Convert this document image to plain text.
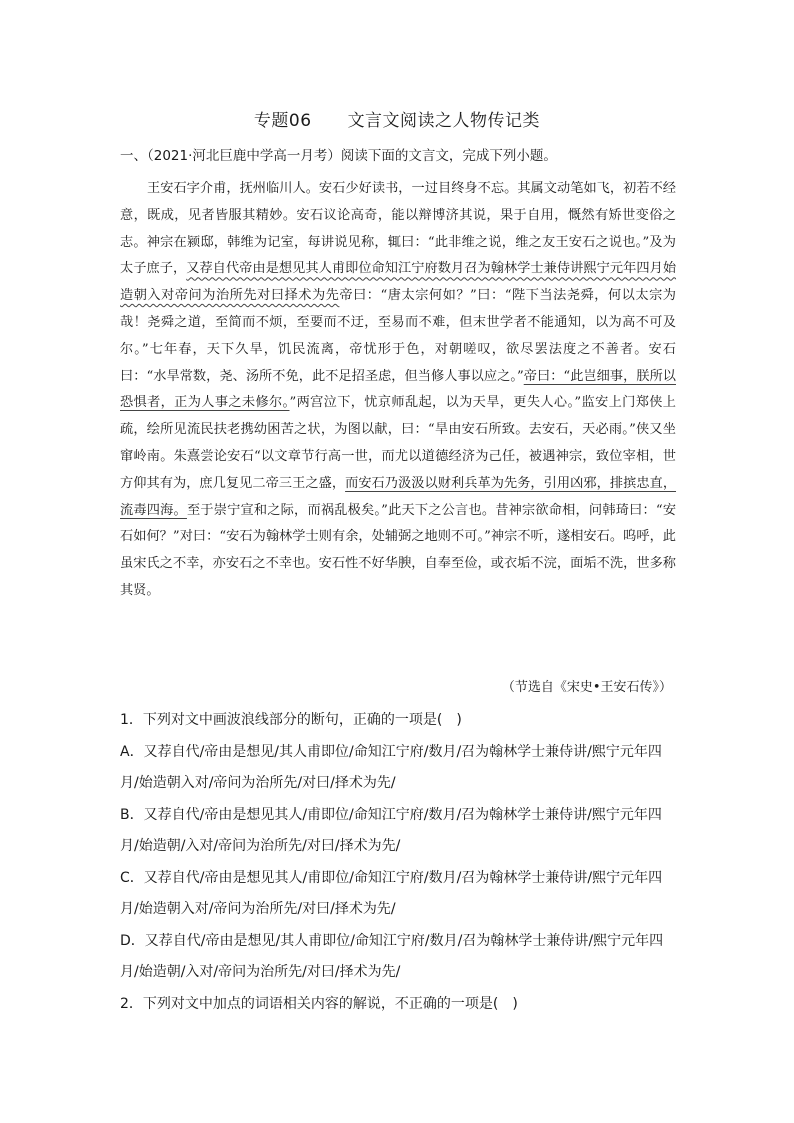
专题06 文言文阅读之人物传记类
一、（2021·河北巨鹿中学高一月考）阅读下面的文言文，完成下列小题。
王安石字介甫，抚州临川人。安石少好读书，一过目终身不忘。其属文动笔如飞，初若不经意，既成，见者皆服其精妙。安石议论高奇，能以辩博济其说，果于自用，慨然有矫世变俗之志。神宗在颍邸，韩维为记室，每讲说见称，辄曰：“此非维之说，维之友王安石之说也。”及为太子庶子，又荐自代帝由是想见其人甫即位命知江宁府数月召为翰林学士兼侍讲熙宁元年四月始造朝入对帝问为治所先对曰择术为先帝曰：“唐太宗何如？”曰：“陛下当法尧舜，何以太宗为哉！尧舜之道，至简而不烦，至要而不迂，至易而不难，但末世学者不能通知，以为高不可及尔。”七年春，天下久旱，饥民流离，帝忧形于色，对朝嗟叹，欲尽罢法度之不善者。安石曰：“水旱常数，尧、汤所不免，此不足招圣虑，但当修人事以应之。”帝曰：“此岂细事，朕所以恐惧者，正为人事之未修尔。”两宫泣下，忧京师乱起，以为天旱，更失人心。”监安上门郑侠上疏，绘所见流民扶老携幼困苦之状，为图以献，曰：“旱由安石所致。去安石，天必雨。”侠又坐窜岭南。朱熹尝论安石“以文章节行高一世，而尤以道德经济为己任，被遇神宗，致位宰相，世方仰其有为，庶几复见二帝三王之盛，而安石乃汲汲以财利兵革为先务，引用凶邪，排摈忠直，流毒四海。至于崇宁宣和之际，而祸乱极矣。”此天下之公言也。昔神宗欲命相，问韩琦曰：“安石如何？”对曰：“安石为翰林学士则有余，处辅弼之地则不可。”神宗不听，遂相安石。呜呼，此虽宋氏之不幸，亦安石之不幸也。安石性不好华腴，自奉至俭，或衣垢不浣，面垢不洗，世多称其贤。
（节选自《宋史•王安石传》）

1．下列对文中画波浪线部分的断句，正确的一项是(　)

A．又荐自代/帝由是想见/其人甫即位/命知江宁府/数月/召为翰林学士兼侍讲/熙宁元年四

月/始造朝入对/帝问为治所先/对曰/择术为先/

B．又荐自代/帝由是想见其人/甫即位/命知江宁府/数月/召为翰林学士兼侍讲/熙宁元年四

月/始造朝/入对/帝问为治所先/对曰/择术为先/

C．又荐自代/帝由是想见其人/甫即位/命知江宁府/数月/召为翰林学士兼侍讲/熙宁元年四

月/始造朝入对/帝问为治所先/对曰/择术为先/

D．又荐自代/帝由是想见/其人甫即位/命知江宁府/数月/召为翰林学士兼侍讲/熙宁元年四

月/始造朝/入对/帝问为治所先/对曰/择术为先/

2．下列对文中加点的词语相关内容的解说，不正确的一项是(　)
